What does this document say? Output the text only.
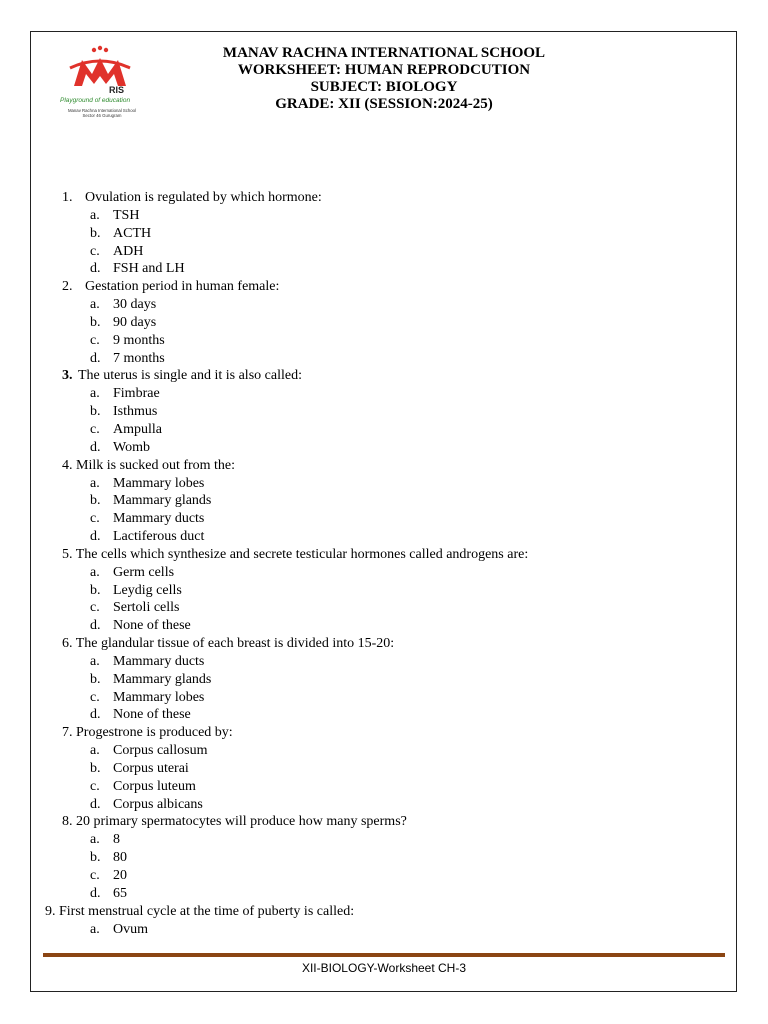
RIS
Playground of education
Manav Rachna International School
Sector 46 Gurugram
MANAV RACHNA INTERNATIONAL SCHOOL
WORKSHEET: HUMAN REPRODCUTION
SUBJECT: BIOLOGY
GRADE: XII (SESSION:2024-25)
1. Ovulation is regulated by which hormone:
a. TSH
b. ACTH
c. ADH
d. FSH and LH
2. Gestation period in human female:
a. 30 days
b. 90 days
c. 9 months
d. 7 months
3. The uterus is single and it is also called:
a. Fimbrae
b. Isthmus
c. Ampulla
d. Womb
4. Milk is sucked out from the:
a. Mammary lobes
b. Mammary glands
c. Mammary ducts
d. Lactiferous duct
5. The cells which synthesize and secrete testicular hormones called androgens are:
a. Germ cells
b. Leydig cells
c. Sertoli cells
d. None of these
6. The glandular tissue of each breast is divided into 15-20:
a. Mammary ducts
b. Mammary glands
c. Mammary lobes
d. None of these
7. Progestrone is produced by:
a. Corpus callosum
b. Corpus uterai
c. Corpus luteum
d. Corpus albicans
8. 20 primary spermatocytes will produce how many sperms?
a. 8
b. 80
c. 20
d. 65
9. First menstrual cycle at the time of puberty is called:
a. Ovum
XII-BIOLOGY-Worksheet CH-3
